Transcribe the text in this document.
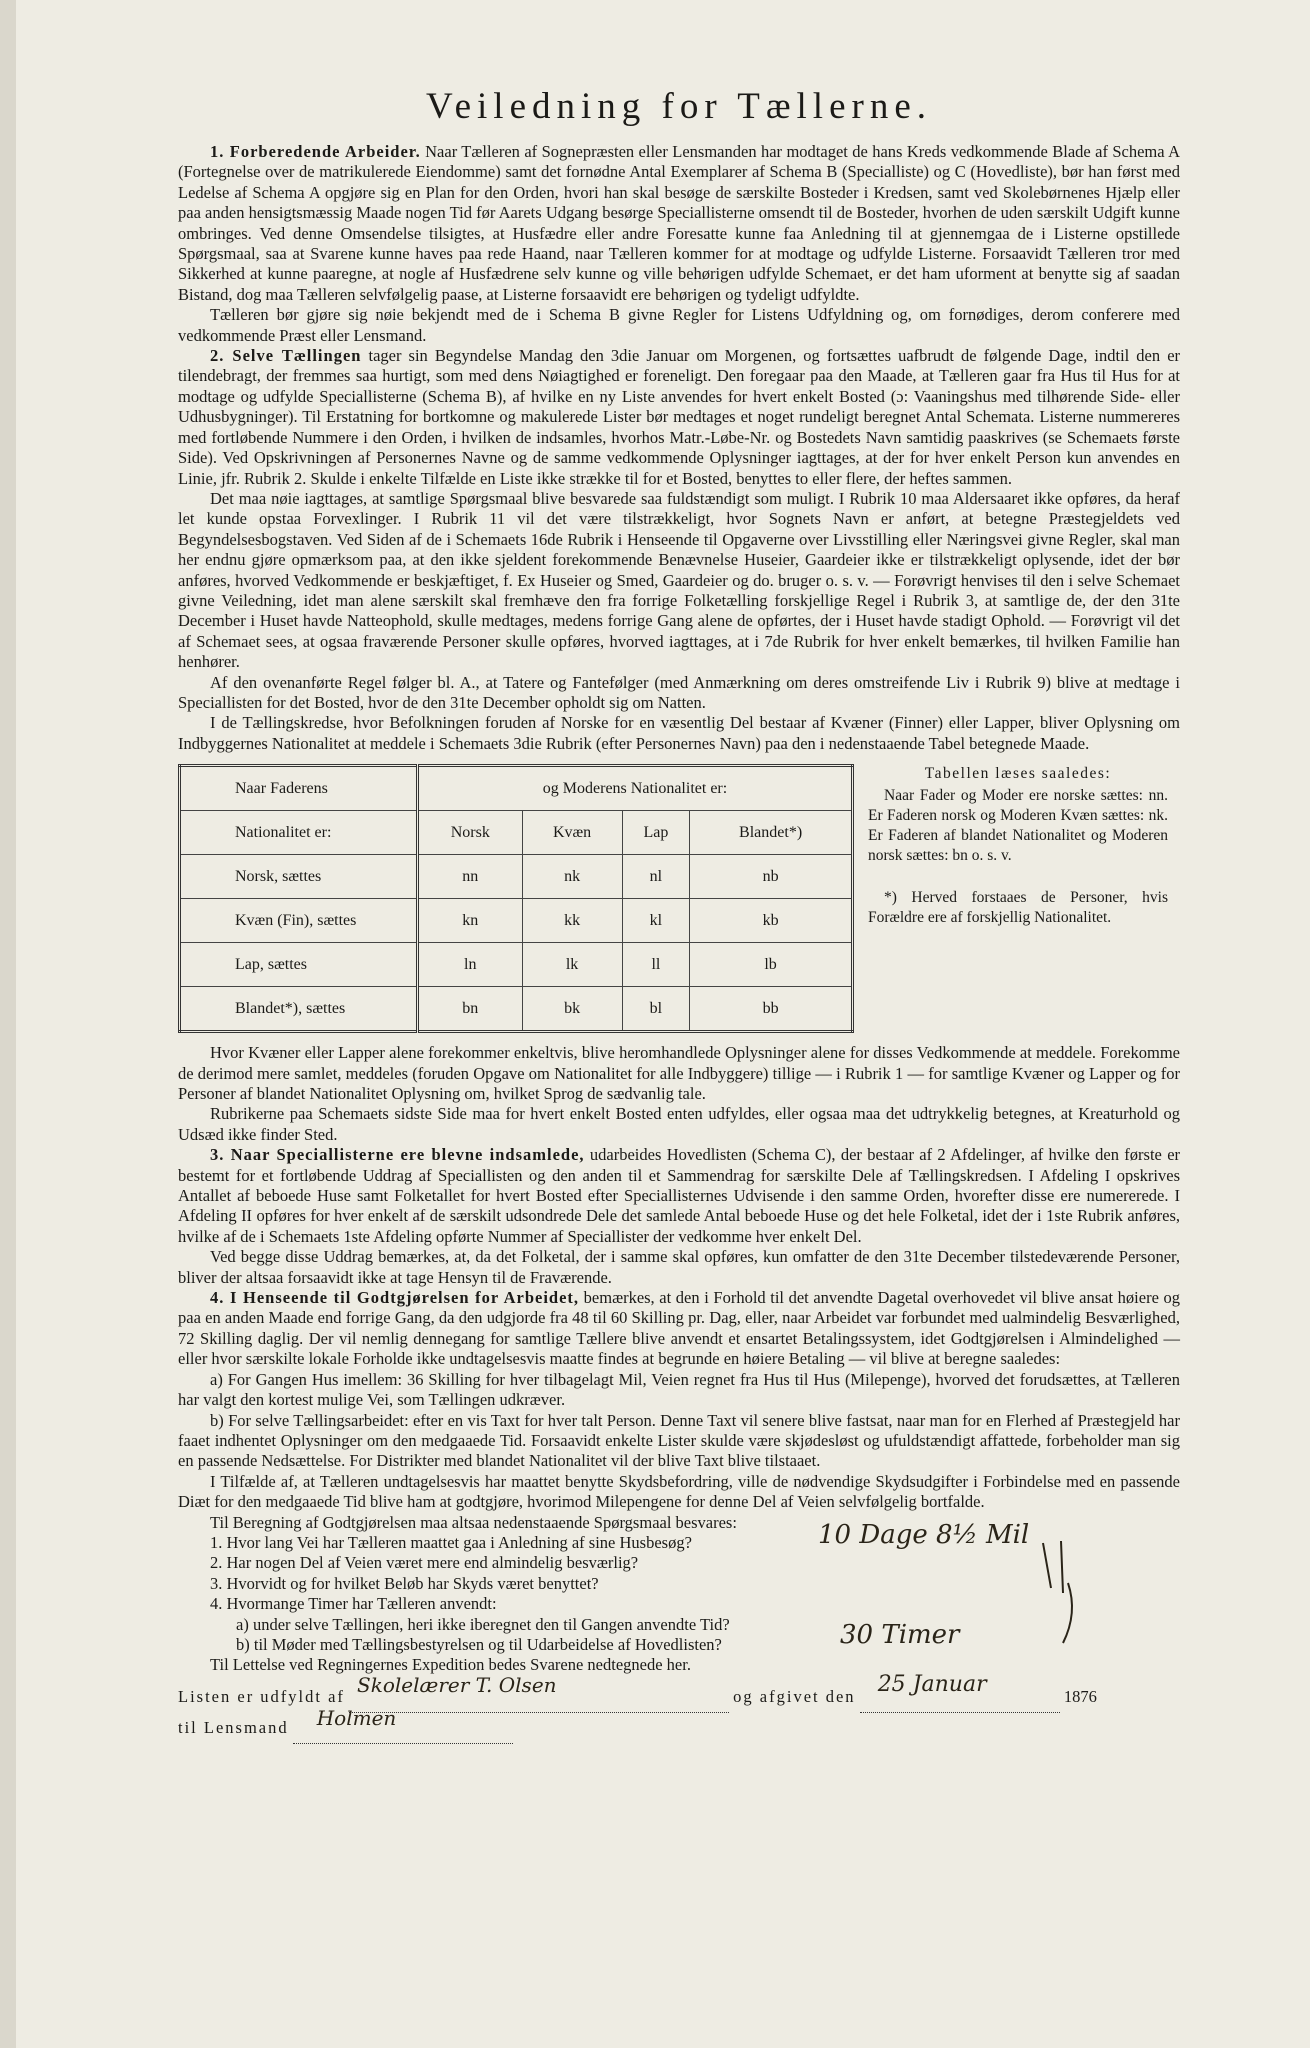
Veiledning for Tællerne.

1. Forberedende Arbeider. Naar Tælleren af Sognepræsten eller Lensmanden har modtaget de hans Kreds vedkommende Blade af Schema A (Fortegnelse over de matrikulerede Eiendomme) samt det fornødne Antal Exemplarer af Schema B (Specialliste) og C (Hovedliste), bør han først med Ledelse af Schema A opgjøre sig en Plan for den Orden, hvori han skal besøge de særskilte Bosteder i Kredsen, samt ved Skolebørnenes Hjælp eller paa anden hensigtsmæssig Maade nogen Tid før Aarets Udgang besørge Speciallisterne omsendt til de Bosteder, hvorhen de uden særskilt Udgift kunne ombringes. Ved denne Omsendelse tilsigtes, at Husfædre eller andre Foresatte kunne faa Anledning til at gjennemgaa de i Listerne opstillede Spørgsmaal, saa at Svarene kunne haves paa rede Haand, naar Tælleren kommer for at modtage og udfylde Listerne. Forsaavidt Tælleren tror med Sikkerhed at kunne paaregne, at nogle af Husfædrene selv kunne og ville behørigen udfylde Schemaet, er det ham uforment at benytte sig af saadan Bistand, dog maa Tælleren selvfølgelig paase, at Listerne forsaavidt ere behørigen og tydeligt udfyldte.

Tælleren bør gjøre sig nøie bekjendt med de i Schema B givne Regler for Listens Udfyldning og, om fornødiges, derom conferere med vedkommende Præst eller Lensmand.

2. Selve Tællingen tager sin Begyndelse Mandag den 3die Januar om Morgenen, og fortsættes uafbrudt de følgende Dage, indtil den er tilendebragt, der fremmes saa hurtigt, som med dens Nøiagtighed er foreneligt. Den foregaar paa den Maade, at Tælleren gaar fra Hus til Hus for at modtage og udfylde Speciallisterne (Schema B), af hvilke en ny Liste anvendes for hvert enkelt Bosted (ɔ: Vaaningshus med tilhørende Side- eller Udhusbygninger). Til Erstatning for bortkomne og makulerede Lister bør medtages et noget rundeligt beregnet Antal Schemata. Listerne nummereres med fortløbende Nummere i den Orden, i hvilken de indsamles, hvorhos Matr.-Løbe-Nr. og Bostedets Navn samtidig paaskrives (se Schemaets første Side). Ved Opskrivningen af Personernes Navne og de samme vedkommende Oplysninger iagttages, at der for hver enkelt Person kun anvendes en Linie, jfr. Rubrik 2. Skulde i enkelte Tilfælde en Liste ikke strække til for et Bosted, benyttes to eller flere, der heftes sammen.

Det maa nøie iagttages, at samtlige Spørgsmaal blive besvarede saa fuldstændigt som muligt. I Rubrik 10 maa Aldersaaret ikke opføres, da heraf let kunde opstaa Forvexlinger. I Rubrik 11 vil det være tilstrækkeligt, hvor Sognets Navn er anført, at betegne Præstegjeldets ved Begyndelsesbogstaven. Ved Siden af de i Schemaets 16de Rubrik i Henseende til Opgaverne over Livsstilling eller Næringsvei givne Regler, skal man her endnu gjøre opmærksom paa, at den ikke sjeldent forekommende Benævnelse Huseier, Gaardeier ikke er tilstrækkeligt oplysende, idet der bør anføres, hvorved Vedkommende er beskjæftiget, f. Ex Huseier og Smed, Gaardeier og do. bruger o. s. v. — Forøvrigt henvises til den i selve Schemaet givne Veiledning, idet man alene særskilt skal fremhæve den fra forrige Folketælling forskjellige Regel i Rubrik 3, at samtlige de, der den 31te December i Huset havde Natteophold, skulle medtages, medens forrige Gang alene de opførtes, der i Huset havde stadigt Ophold. — Forøvrigt vil det af Schemaet sees, at ogsaa fraværende Personer skulle opføres, hvorved iagttages, at i 7de Rubrik for hver enkelt bemærkes, til hvilken Familie han henhører.

Af den ovenanførte Regel følger bl. A., at Tatere og Fantefølger (med Anmærkning om deres omstreifende Liv i Rubrik 9) blive at medtage i Speciallisten for det Bosted, hvor de den 31te December opholdt sig om Natten.

I de Tællingskredse, hvor Befolkningen foruden af Norske for en væsentlig Del bestaar af Kvæner (Finner) eller Lapper, bliver Oplysning om Indbyggernes Nationalitet at meddele i Schemaets 3die Rubrik (efter Personernes Navn) paa den i nedenstaaende Tabel betegnede Maade.

Naar Faderens	og Moderens Nationalitet er:			
Nationalitet er:	Norsk	Kvæn	Lap	Blandet*)
Norsk, sættes	nn	nk	nl	nb
Kvæn (Fin), sættes	kn	kk	kl	kb
Lap, sættes	ln	lk	ll	lb
Blandet*), sættes	bn	bk	bl	bb
Tabellen læses saaledes:

Naar Fader og Moder ere norske sættes: nn. Er Faderen norsk og Moderen Kvæn sættes: nk. Er Faderen af blandet Nationalitet og Moderen norsk sættes: bn o. s. v.

*) Herved forstaaes de Personer, hvis Forældre ere af forskjellig Nationalitet.

Hvor Kvæner eller Lapper alene forekommer enkeltvis, blive heromhandlede Oplysninger alene for disses Vedkommende at meddele. Forekomme de derimod mere samlet, meddeles (foruden Opgave om Nationalitet for alle Indbyggere) tillige — i Rubrik 1 — for samtlige Kvæner og Lapper og for Personer af blandet Nationalitet Oplysning om, hvilket Sprog de sædvanlig tale.

Rubrikerne paa Schemaets sidste Side maa for hvert enkelt Bosted enten udfyldes, eller ogsaa maa det udtrykkelig betegnes, at Kreaturhold og Udsæd ikke finder Sted.

3. Naar Speciallisterne ere blevne indsamlede, udarbeides Hovedlisten (Schema C), der bestaar af 2 Afdelinger, af hvilke den første er bestemt for et fortløbende Uddrag af Speciallisten og den anden til et Sammendrag for særskilte Dele af Tællingskredsen. I Afdeling I opskrives Antallet af beboede Huse samt Folketallet for hvert Bosted efter Speciallisternes Udvisende i den samme Orden, hvorefter disse ere numererede. I Afdeling II opføres for hver enkelt af de særskilt udsondrede Dele det samlede Antal beboede Huse og det hele Folketal, idet der i 1ste Rubrik anføres, hvilke af de i Schemaets 1ste Afdeling opførte Nummer af Speciallister der vedkomme hver enkelt Del.

Ved begge disse Uddrag bemærkes, at, da det Folketal, der i samme skal opføres, kun omfatter de den 31te December tilstedeværende Personer, bliver der altsaa forsaavidt ikke at tage Hensyn til de Fraværende.

4. I Henseende til Godtgjørelsen for Arbeidet, bemærkes, at den i Forhold til det anvendte Dagetal overhovedet vil blive ansat høiere og paa en anden Maade end forrige Gang, da den udgjorde fra 48 til 60 Skilling pr. Dag, eller, naar Arbeidet var forbundet med ualmindelig Besværlighed, 72 Skilling daglig. Der vil nemlig dennegang for samtlige Tællere blive anvendt et ensartet Betalingssystem, idet Godtgjørelsen i Almindelighed — eller hvor særskilte lokale Forholde ikke undtagelsesvis maatte findes at begrunde en høiere Betaling — vil blive at beregne saaledes:

a) For Gangen Hus imellem: 36 Skilling for hver tilbagelagt Mil, Veien regnet fra Hus til Hus (Milepenge), hvorved det forudsættes, at Tælleren har valgt den kortest mulige Vei, som Tællingen udkræver.

b) For selve Tællingsarbeidet: efter en vis Taxt for hver talt Person. Denne Taxt vil senere blive fastsat, naar man for en Flerhed af Præstegjeld har faaet indhentet Oplysninger om den medgaaede Tid. Forsaavidt enkelte Lister skulde være skjødesløst og ufuldstændigt affattede, forbeholder man sig en passende Nedsættelse. For Distrikter med blandet Nationalitet vil der blive Taxt blive tilstaaet.

I Tilfælde af, at Tælleren undtagelsesvis har maattet benytte Skydsbefordring, ville de nødvendige Skydsudgifter i Forbindelse med en passende Diæt for den medgaaede Tid blive ham at godtgjøre, hvorimod Milepengene for denne Del af Veien selvfølgelig bortfalde.

Til Beregning af Godtgjørelsen maa altsaa nedenstaaende Spørgsmaal besvares:

1. Hvor lang Vei har Tælleren maattet gaa i Anledning af sine Husbesøg?	10 Dage 8½ Mil
2. Har nogen Del af Veien været mere end almindelig besværlig?
3. Hvorvidt og for hvilket Beløb har Skyds været benyttet?
4. Hvormange Timer har Tælleren anvendt:
a) under selve Tællingen, heri ikke iberegnet den til Gangen anvendte Tid?
b) til Møder med Tællingsbestyrelsen og til Udarbeidelse af Hovedlisten?	30 Timer
Til Lettelse ved Regningernes Expedition bedes Svarene nedtegnede her.
Listen er udfyldt af Skolelærer T. Olsen	og afgivet den 25 Januar	1876
til Lensmand Holmen
